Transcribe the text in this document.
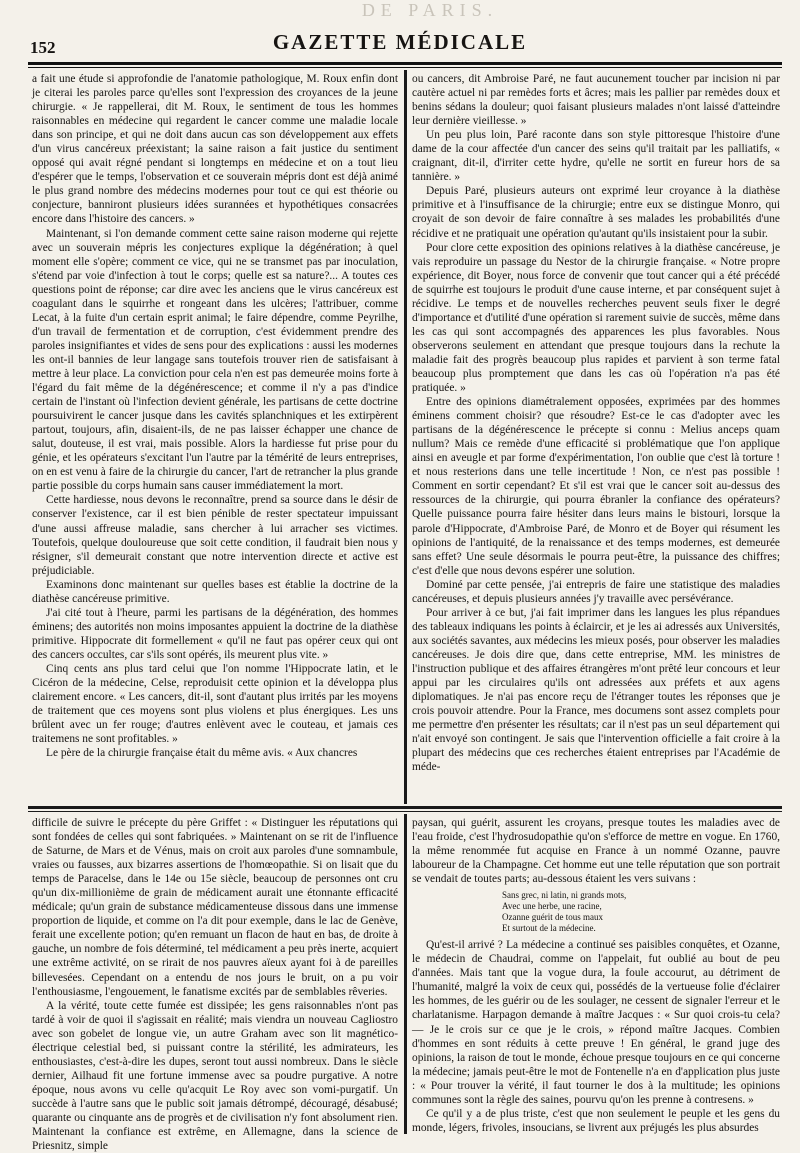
DE PARIS.
152	GAZETTE MÉDICALE

a fait une étude si approfondie de l'anatomie pathologique, M. Roux enfin dont je citerai les paroles parce qu'elles sont l'expression des croyances de la jeune chirurgie. « Je rappellerai, dit M. Roux, le sentiment de tous les hommes raisonnables en médecine qui regardent le cancer comme une maladie locale dans son principe, et qui ne doit dans aucun cas son développement aux effets d'un virus cancéreux préexistant; la saine raison a fait justice du sentiment opposé qui avait régné pendant si longtemps en médecine et on a tout lieu d'espérer que le temps, l'observation et ce souverain mépris dont est déjà animé le plus grand nombre des médecins modernes pour tout ce qui est théorie ou conjecture, banniront plusieurs idées surannées et hypothétiques consacrées encore dans l'histoire des cancers. »

Maintenant, si l'on demande comment cette saine raison moderne qui rejette avec un souverain mépris les conjectures explique la dégénération; à quel moment elle s'opère; comment ce vice, qui ne se transmet pas par inoculation, s'étend par voie d'infection à tout le corps; quelle est sa nature?... A toutes ces questions point de réponse; car dire avec les anciens que le virus cancéreux est coagulant dans le squirrhe et rongeant dans les ulcères; l'attribuer, comme Lecat, à la fuite d'un certain esprit animal; le faire dépendre, comme Peyrilhe, d'un travail de fermentation et de corruption, c'est évidemment prendre des paroles insignifiantes et vides de sens pour des explications : aussi les modernes les ont-il bannies de leur langage sans toutefois trouver rien de satisfaisant à mettre à leur place. La conviction pour cela n'en est pas demeurée moins forte à l'égard du fait même de la dégénérescence; et comme il n'y a pas d'indice certain de l'instant où l'infection devient générale, les partisans de cette doctrine poursuivirent le cancer jusque dans les cavités splanchniques et les extirpèrent partout, toujours, afin, disaient-ils, de ne pas laisser échapper une chance de salut, douteuse, il est vrai, mais possible. Alors la hardiesse fut prise pour du génie, et les opérateurs s'excitant l'un l'autre par la témérité de leurs entreprises, on en est venu à faire de la chirurgie du cancer, l'art de retrancher la plus grande partie possible du corps humain sans causer immédiatement la mort.

Cette hardiesse, nous devons le reconnaître, prend sa source dans le désir de conserver l'existence, car il est bien pénible de rester spectateur impuissant d'une aussi affreuse maladie, sans chercher à lui arracher ses victimes. Toutefois, quelque douloureuse que soit cette condition, il faudrait bien nous y résigner, s'il demeurait constant que notre intervention directe et active est préjudiciable.

Examinons donc maintenant sur quelles bases est établie la doctrine de la diathèse cancéreuse primitive.

J'ai cité tout à l'heure, parmi les partisans de la dégénération, des hommes éminens; des autorités non moins imposantes appuient la doctrine de la diathèse primitive. Hippocrate dit formellement « qu'il ne faut pas opérer ceux qui ont des cancers occultes, car s'ils sont opérés, ils meurent plus vite. »

Cinq cents ans plus tard celui que l'on nomme l'Hippocrate latin, et le Cicéron de la médecine, Celse, reproduisit cette opinion et la développa plus clairement encore. « Les cancers, dit-il, sont d'autant plus irrités par les moyens de traitement que ces moyens sont plus violens et plus énergiques. Les uns brûlent avec un fer rouge; d'autres enlèvent avec le couteau, et jamais ces traitemens ne sont profitables. »

Le père de la chirurgie française était du même avis. « Aux chancres

ou cancers, dit Ambroise Paré, ne faut aucunement toucher par incision ni par cautère actuel ni par remèdes forts et âcres; mais les pallier par remèdes doux et benins sédans la douleur; quoi faisant plusieurs malades n'ont laissé d'atteindre leur dernière vieillesse. »

Un peu plus loin, Paré raconte dans son style pittoresque l'histoire d'une dame de la cour affectée d'un cancer des seins qu'il traitait par les palliatifs, « craignant, dit-il, d'irriter cette hydre, qu'elle ne sortit en fureur hors de sa tannière. »

Depuis Paré, plusieurs auteurs ont exprimé leur croyance à la diathèse primitive et à l'insuffisance de la chirurgie; entre eux se distingue Monro, qui croyait de son devoir de faire connaître à ses malades les probabilités d'une récidive et ne pratiquait une opération qu'autant qu'ils insistaient pour la subir.

Pour clore cette exposition des opinions relatives à la diathèse cancéreuse, je vais reproduire un passage du Nestor de la chirurgie française. « Notre propre expérience, dit Boyer, nous force de convenir que tout cancer qui a été précédé de squirrhe est toujours le produit d'une cause interne, et par conséquent sujet à récidive. Le temps et de nouvelles recherches peuvent seuls fixer le degré d'importance et d'utilité d'une opération si rarement suivie de succès, même dans les cas qui sont accompagnés des apparences les plus favorables. Nous observerons seulement en attendant que presque toujours dans la rechute la maladie fait des progrès beaucoup plus rapides et parvient à son terme fatal beaucoup plus promptement que dans les cas où l'opération n'a pas été pratiquée. »

Entre des opinions diamétralement opposées, exprimées par des hommes éminens comment choisir? que résoudre? Est-ce le cas d'adopter avec les partisans de la dégénérescence le précepte si connu : Melius anceps quam nullum? Mais ce remède d'une efficacité si problématique que l'on applique ainsi en aveugle et par forme d'expérimentation, l'on oublie que c'est là torture ! et nous resterions dans une telle incertitude ! Non, ce n'est pas possible ! Comment en sortir cependant? Et s'il est vrai que le cancer soit au-dessus des ressources de la chirurgie, qui pourra ébranler la confiance des opérateurs? Quelle puissance pourra faire hésiter dans leurs mains le bistouri, lorsque la parole d'Hippocrate, d'Ambroise Paré, de Monro et de Boyer qui résument les opinions de l'antiquité, de la renaissance et des temps modernes, est demeurée sans effet? Une seule désormais le pourra peut-être, la puissance des chiffres; c'est d'elle que nous devons espérer une solution.

Dominé par cette pensée, j'ai entrepris de faire une statistique des maladies cancéreuses, et depuis plusieurs années j'y travaille avec persévérance.

Pour arriver à ce but, j'ai fait imprimer dans les langues les plus répandues des tableaux indiquans les points à éclaircir, et je les ai adressés aux Universités, aux sociétés savantes, aux médecins les mieux posés, pour observer les maladies cancéreuses. Je dois dire que, dans cette entreprise, MM. les ministres de l'instruction publique et des affaires étrangères m'ont prêté leur concours et leur appui par les circulaires qu'ils ont adressées aux préfets et aux agens diplomatiques. Je n'ai pas encore reçu de l'étranger toutes les réponses que je crois pouvoir attendre. Pour la France, mes documens sont assez complets pour me permettre d'en présenter les résultats; car il n'est pas un seul département qui n'ait envoyé son contingent. Je sais que l'intervention officielle a fait croire à la plupart des médecins que ces recherches étaient entreprises par l'Académie de méde-

difficile de suivre le précepte du père Griffet : « Distinguer les réputations qui sont fondées de celles qui sont fabriquées. » Maintenant on se rit de l'influence de Saturne, de Mars et de Vénus, mais on croit aux paroles d'une somnambule, vraies ou fausses, aux bizarres assertions de l'homœopathie. Si on lisait que du temps de Paracelse, dans le 14e ou 15e siècle, beaucoup de personnes ont cru qu'un dix-millionième de grain de médicament aurait une étonnante efficacité médicale; qu'un grain de substance médicamenteuse dissous dans une immense proportion de liquide, et comme on l'a dit pour exemple, dans le lac de Genève, ferait une excellente potion; qu'en remuant un flacon de haut en bas, de droite à gauche, un nombre de fois déterminé, tel médicament a peu près inerte, acquiert une extrême activité, on se rirait de nos pauvres aïeux ayant foi à de pareilles billevesées. Cependant on a entendu de nos jours le bruit, on a pu voir l'enthousiasme, l'engouement, le fanatisme excités par de semblables rêveries.

A la vérité, toute cette fumée est dissipée; les gens raisonnables n'ont pas tardé à voir de quoi il s'agissait en réalité; mais viendra un nouveau Cagliostro avec son gobelet de longue vie, un autre Graham avec son lit magnético-électrique celestial bed, si puissant contre la stérilité, les admirateurs, les enthousiastes, c'est-à-dire les dupes, seront tout aussi nombreux. Dans le siècle dernier, Ailhaud fit une fortune immense avec sa poudre purgative. A notre époque, nous avons vu celle qu'acquit Le Roy avec son vomi-purgatif. Un succède à l'autre sans que le public soit jamais détrompé, découragé, désabusé; quarante ou cinquante ans de progrès et de civilisation n'y font absolument rien. Maintenant la confiance est extrême, en Allemagne, dans la science de Priesnitz, simple

paysan, qui guérit, assurent les croyans, presque toutes les maladies avec de l'eau froide, c'est l'hydrosudopathie qu'on s'efforce de mettre en vogue. En 1760, la même renommée fut acquise en France à un nommé Ozanne, pauvre laboureur de la Champagne. Cet homme eut une telle réputation que son portrait se vendait de toutes parts; au-dessous étaient les vers suivans :

Sans grec, ni latin, ni grands mots,
Avec une herbe, une racine,
Ozanne guérit de tous maux
Et surtout de la médecine.

Qu'est-il arrivé ? La médecine a continué ses paisibles conquêtes, et Ozanne, le médecin de Chaudrai, comme on l'appelait, fut oublié au bout de peu d'années. Mais tant que la vogue dura, la foule accourut, au détriment de l'humanité, malgré la voix de ceux qui, possédés de la vertueuse folie d'éclairer les hommes, de les guérir ou de les soulager, ne cessent de signaler l'erreur et le charlatanisme. Harpagon demande à maître Jacques : « Sur quoi crois-tu cela? — Je le crois sur ce que je le crois, » répond maître Jacques. Combien d'hommes en sont réduits à cette preuve ! En général, le grand juge des opinions, la raison de tout le monde, échoue presque toujours en ce qui concerne la médecine; jamais peut-être le mot de Fontenelle n'a en d'application plus juste : « Pour trouver la vérité, il faut tourner le dos à la multitude; les opinions communes sont la règle des saines, pourvu qu'on les prenne à contresens. »

Ce qu'il y a de plus triste, c'est que non seulement le peuple et les gens du monde, légers, frivoles, insoucians, se livrent aux préjugés les plus absurdes
